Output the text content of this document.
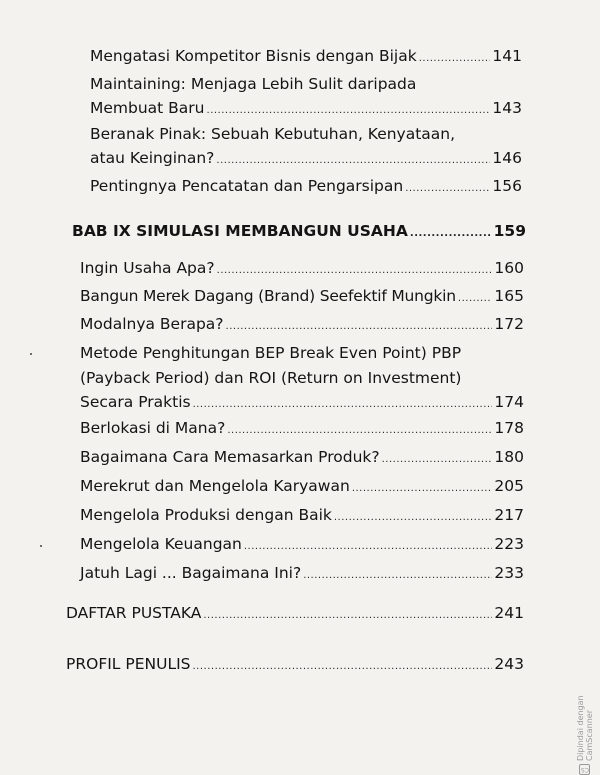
Mengatasi Kompetitor Bisnis dengan Bijak .....	141
Maintaining: Menjaga Lebih Sulit daripada
Membuat Baru .....	143
Beranak Pinak: Sebuah Kebutuhan, Kenyataan,
atau Keinginan? .....	146
Pentingnya Pencatatan dan Pengarsipan .....	156
BAB IX SIMULASI MEMBANGUN USAHA .....	159
Ingin Usaha Apa? .....	160
Bangun Merek Dagang (Brand) Seefektif Mungkin ..... 165
Modalnya Berapa? .....	172
Metode Penghitungan BEP Break Even Point) PBP
(Payback Period) dan ROI (Return on Investment)
Secara Praktis .....	174
Berlokasi di Mana? .....	178
Bagaimana Cara Memasarkan Produk? .....	180
Merekrut dan Mengelola Karyawan .....	205
Mengelola Produksi dengan Baik .....	217
Mengelola Keuangan .....	223
Jatuh Lagi ... Bagaimana Ini? .....	233
DAFTAR PUSTAKA .....	241
PROFIL PENULIS .....	243
CS
Dipindai dengan CamScanner
